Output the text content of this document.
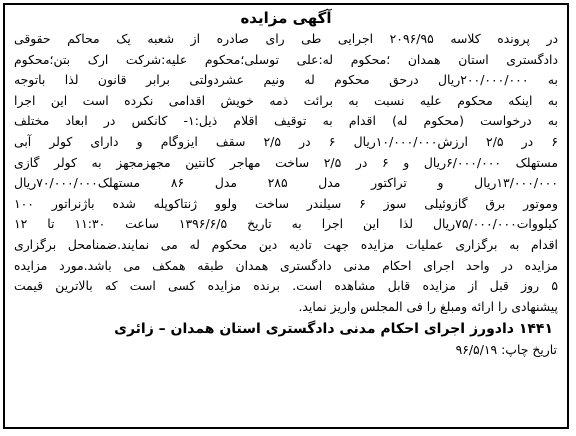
آگهی مزایده
در پرونده کلاسه ۲۰۹۶/۹۵ اجرایی طی رای صادره از شعبه یک محاکم حقوقی
دادگستری استان همدان ؛محکوم له:علی توسلی؛محکوم علیه:شرکت ارک بتن؛محکوم
به ۲۰۰/۰۰۰/۰۰۰ریال درحق محکوم له ونیم عشردولتی برابر قانون لذا باتوجه
به اینکه محکوم علیه نسبت به برائت ذمه خویش اقدامی نکرده است این اجرا
به درخواست (محکوم له) اقدام به توقیف اقلام ذیل:۱- کانکس در ابعاد مختلف
۶ در ۲/۵ ارزش۱۰/۰۰۰/۰۰۰ریال ۶ در ۲/۵ سقف ایزوگام و دارای کولر آبی
مستهلک ۶/۰۰۰/۰۰۰ریال و ۶ در ۲/۵ ساخت مهاجر کانتین مجهزمجهز به کولر گازی
۱۳/۰۰۰/۰۰۰ریال و تراکتور مدل ۲۸۵ مدل ۸۶ مستهلک۷۰/۰۰۰/۰۰۰ریال
وموتور برق گازوئیلی سوز ۶ سیلندر ساخت ولوو ژنتاکوپله شده باژنراتور ۱۰۰
کیلووات۷۵/۰۰۰/۰۰۰ریال لذا این اجرا به تاریخ ۱۳۹۶/۶/۵ ساعت ۱۱:۳۰ تا ۱۲
اقدام به برگزاری عملیات مزایده جهت تادیه دین محکوم له می نمایند.ضمنامحل برگزاری
مزایده در واحد اجرای احکام مدنی دادگستری همدان طبقه همکف می باشد.مورد مزایده
۵ روز قبل از مزایده قابل مشاهده است. برنده مزایده کسی است که بالاترین قیمت
پیشنهادی را ارائه ومبلغ را فی المجلس واریز نماید.
۱۴۴۱ دادورز اجرای احکام مدنی دادگستری استان همدان – زائری
تاریخ چاپ: ۹۶/۵/۱۹
